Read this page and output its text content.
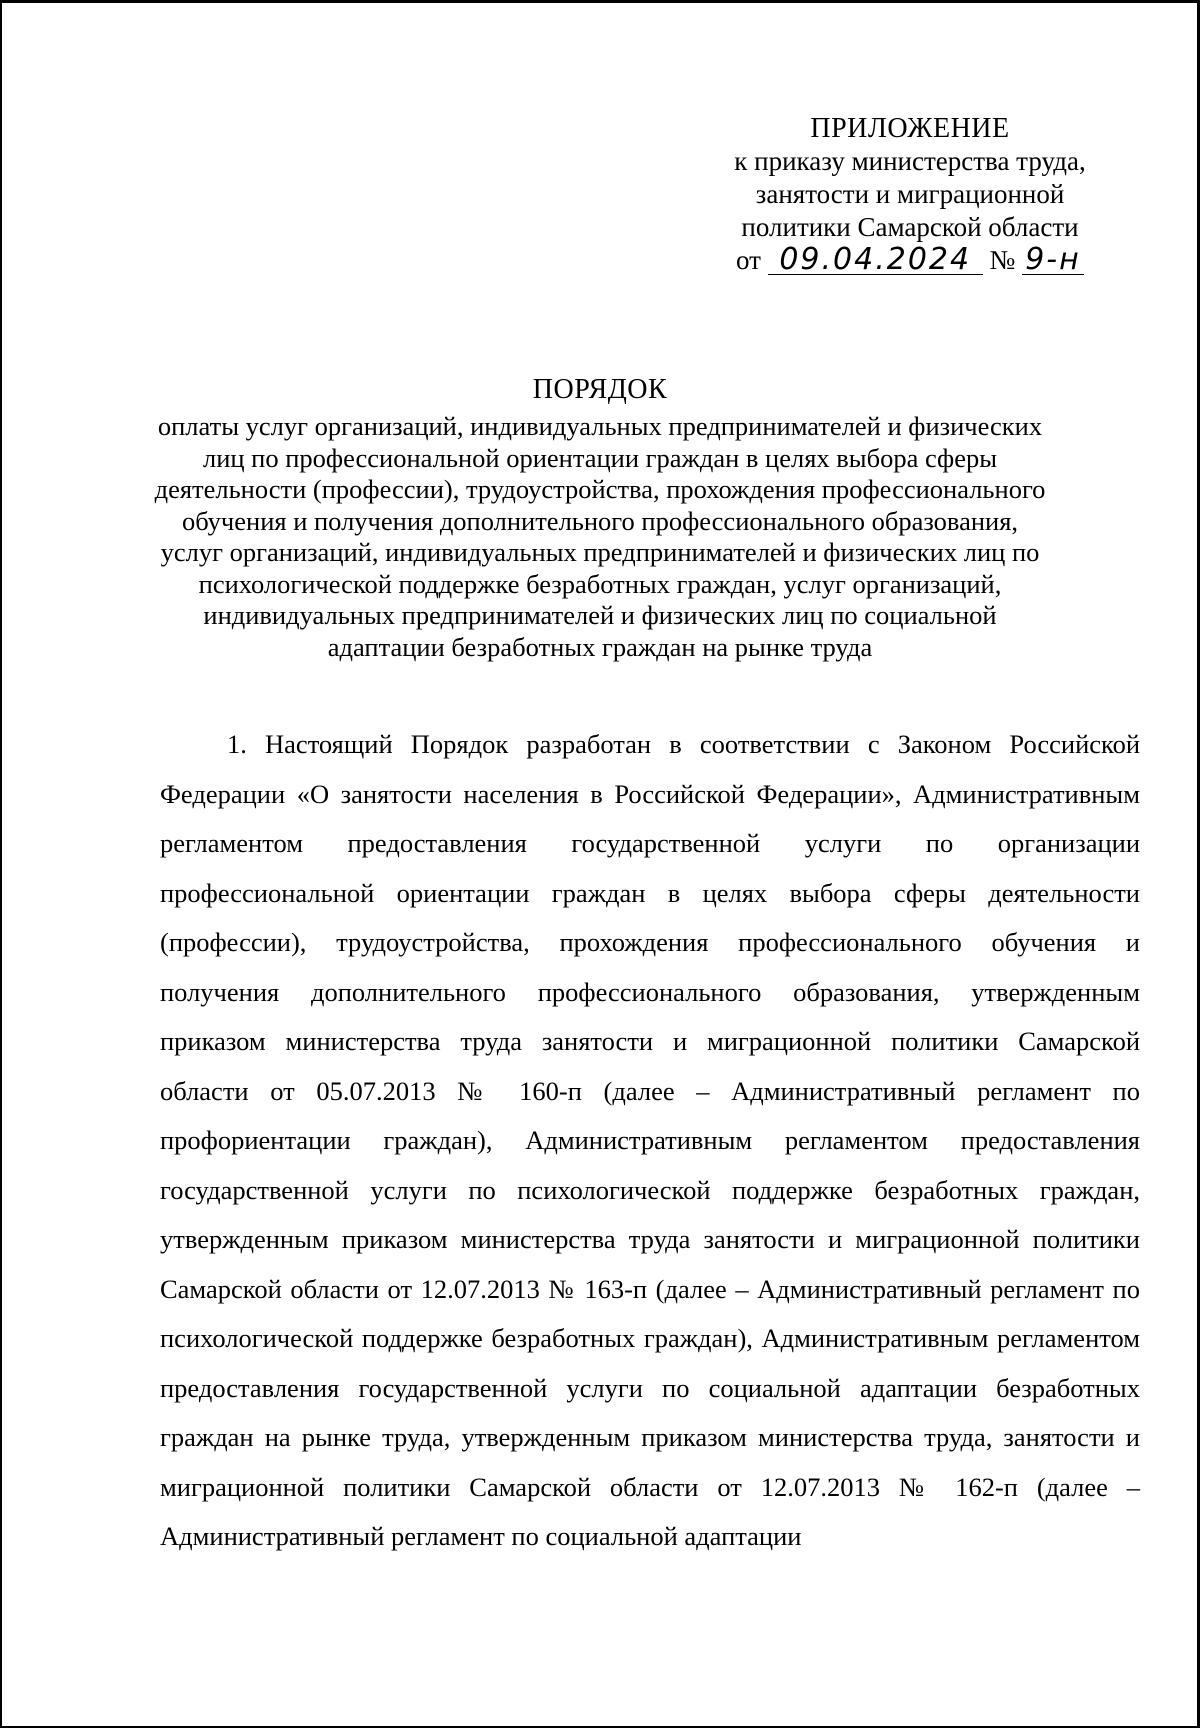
ПРИЛОЖЕНИЕ
к приказу министерства труда,
занятости и миграционной
политики Самарской области
от 09.04.2024 № 9-н
ПОРЯДОК
оплаты услуг организаций, индивидуальных предпринимателей и физических лиц по профессиональной ориентации граждан в целях выбора сферы деятельности (профессии), трудоустройства, прохождения профессионального обучения и получения дополнительного профессионального образования, услуг организаций, индивидуальных предпринимателей и физических лиц по психологической поддержке безработных граждан, услуг организаций, индивидуальных предпринимателей и физических лиц по социальной адаптации безработных граждан на рынке труда

1. Настоящий Порядок разработан в соответствии с Законом Российской Федерации «О занятости населения в Российской Федерации», Административным регламентом предоставления государственной услуги по организации профессиональной ориентации граждан в целях выбора сферы деятельности (профессии), трудоустройства, прохождения профессионального обучения и получения дополнительного профессионального образования, утвержденным приказом министерства труда занятости и миграционной политики Самарской области от 05.07.2013 № 160-п (далее – Административный регламент по профориентации граждан), Административным регламентом предоставления государственной услуги по психологической поддержке безработных граждан, утвержденным приказом министерства труда занятости и миграционной политики Самарской области от 12.07.2013 № 163-п (далее – Административный регламент по психологической поддержке безработных граждан), Административным регламентом предоставления государственной услуги по социальной адаптации безработных граждан на рынке труда, утвержденным приказом министерства труда, занятости и миграционной политики Самарской области от 12.07.2013 № 162-п (далее – Административный регламент по социальной адаптации
